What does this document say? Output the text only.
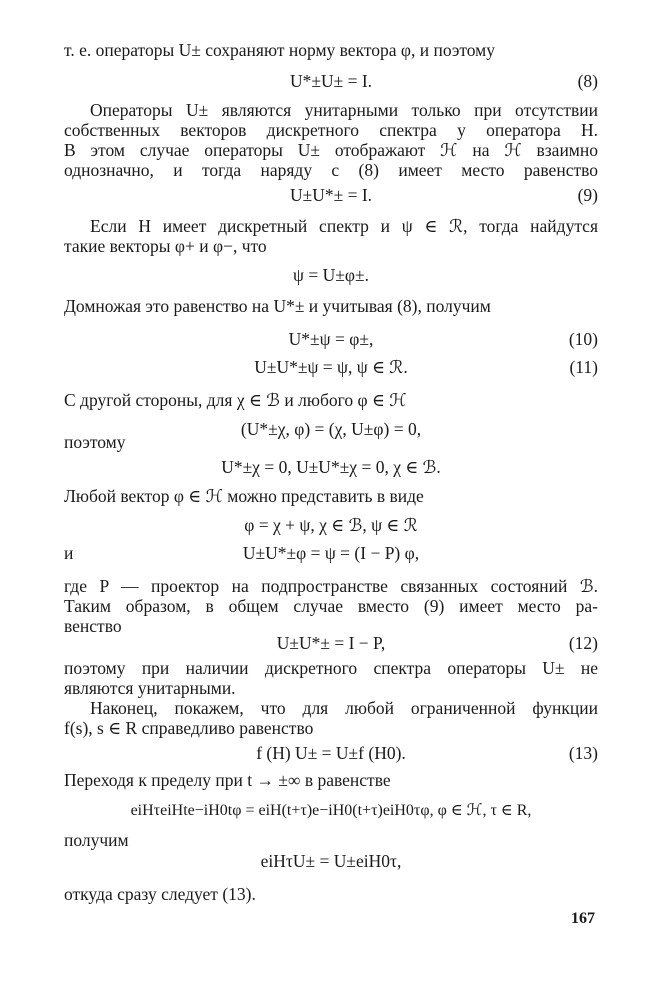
т. е. операторы U± сохраняют норму вектора φ, и поэтому
U*±U± = I.	(8)
Операторы U± являются унитарными только при отсутствии
собственных векторов дискретного спектра у оператора H.
В этом случае операторы U± отображают ℋ на ℋ взаимно
однозначно, и тогда наряду с (8) имеет место равенство
U±U*± = I.	(9)
Если H имеет дискретный спектр и ψ ∈ ℛ, тогда найдутся
такие векторы φ+ и φ−, что
ψ = U±φ±.
Домножая это равенство на U*± и учитывая (8), получим
U*±ψ = φ±,	(10)
U±U*±ψ = ψ, ψ ∈ ℛ.	(11)
С другой стороны, для χ ∈ ℬ и любого φ ∈ ℋ
(U*±χ, φ) = (χ, U±φ) = 0,
поэтому
U*±χ = 0, U±U*±χ = 0, χ ∈ ℬ.
Любой вектор φ ∈ ℋ можно представить в виде
φ = χ + ψ, χ ∈ ℬ, ψ ∈ ℛ
и	U±U*±φ = ψ = (I − P) φ,
где P — проектор на подпространстве связанных состояний ℬ.
Таким образом, в общем случае вместо (9) имеет место ра-
венство
U±U*± = I − P,	(12)
поэтому при наличии дискретного спектра операторы U± не
являются унитарными.
Наконец, покажем, что для любой ограниченной функции
f(s), s ∈ R справедливо равенство
f (H) U± = U±f (H0).	(13)
Переходя к пределу при t → ±∞ в равенстве
eiHτeiHte−iH0tφ = eiH(t+τ)e−iH0(t+τ)eiH0τφ, φ ∈ ℋ, τ ∈ R,
получим
eiHτU± = U±eiH0τ,
откуда сразу следует (13).
167
